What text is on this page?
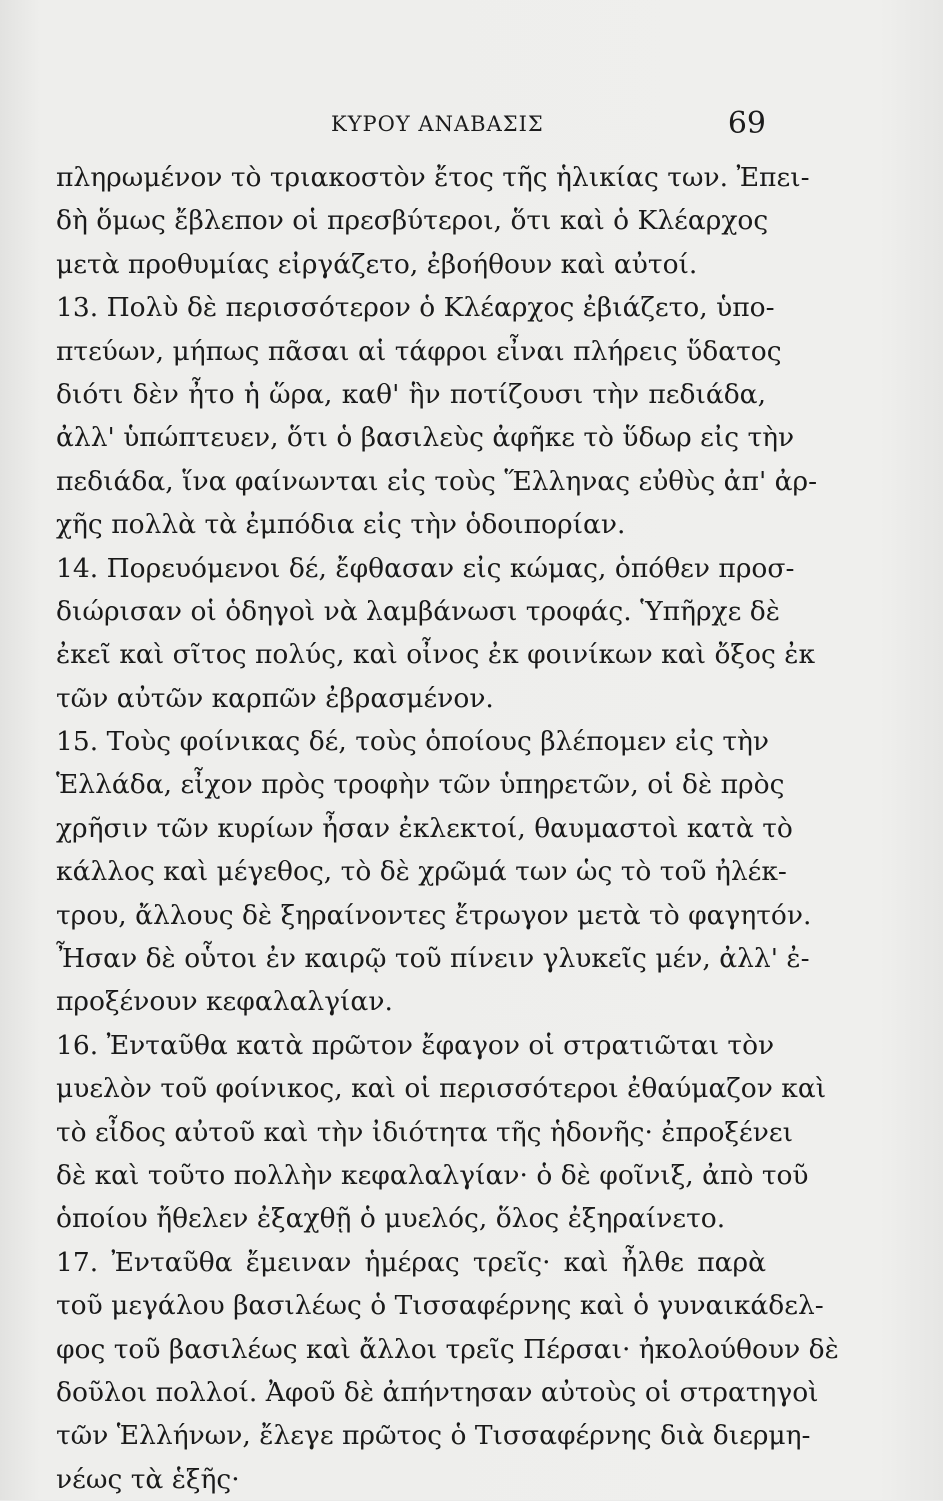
ΚΥΡΟΥ ΑΝΑΒΑΣΙΣ	69
πληρωμένον τὸ τριακοστὸν ἔτος τῆς ἡλικίας των. Ἐπει-
δὴ ὅμως ἔβλεπον οἱ πρεσβύτεροι, ὅτι καὶ ὁ Κλέαρχος
μετὰ προθυμίας εἰργάζετο, ἐβοήθουν καὶ αὐτοί.
13. Πολὺ δὲ περισσότερον ὁ Κλέαρχος ἐβιάζετο, ὑπο-
πτεύων, μήπως πᾶσαι αἱ τάφροι εἶναι πλήρεις ὕδατος
διότι δὲν ἦτο ἡ ὥρα, καθ' ἣν ποτίζουσι τὴν πεδιάδα,
ἀλλ' ὑπώπτευεν, ὅτι ὁ βασιλεὺς ἀφῆκε τὸ ὕδωρ εἰς τὴν
πεδιάδα, ἵνα φαίνωνται εἰς τοὺς Ἕλληνας εὐθὺς ἀπ' ἀρ-
χῆς πολλὰ τὰ ἐμπόδια εἰς τὴν ὁδοιπορίαν.
14. Πορευόμενοι δέ, ἔφθασαν εἰς κώμας, ὁπόθεν προσ-
διώρισαν οἱ ὁδηγοὶ νὰ λαμβάνωσι τροφάς. Ὑπῆρχε δὲ
ἐκεῖ καὶ σῖτος πολύς, καὶ οἶνος ἐκ φοινίκων καὶ ὄξος ἐκ
τῶν αὐτῶν καρπῶν ἐβρασμένον.
15. Τοὺς φοίνικας δέ, τοὺς ὁποίους βλέπομεν εἰς τὴν
Ἑλλάδα, εἶχον πρὸς τροφὴν τῶν ὑπηρετῶν, οἱ δὲ πρὸς
χρῆσιν τῶν κυρίων ἦσαν ἐκλεκτοί, θαυμαστοὶ κατὰ τὸ
κάλλος καὶ μέγεθος, τὸ δὲ χρῶμά των ὡς τὸ τοῦ ἠλέκ-
τρου, ἄλλους δὲ ξηραίνοντες ἔτρωγον μετὰ τὸ φαγητόν.
Ἦσαν δὲ οὗτοι ἐν καιρῷ τοῦ πίνειν γλυκεῖς μέν, ἀλλ' ἐ-
προξένουν κεφαλαλγίαν.
16. Ἐνταῦθα κατὰ πρῶτον ἔφαγον οἱ στρατιῶται τὸν
μυελὸν τοῦ φοίνικος, καὶ οἱ περισσότεροι ἐθαύμαζον καὶ
τὸ εἶδος αὐτοῦ καὶ τὴν ἰδιότητα τῆς ἡδονῆς· ἐπροξένει
δὲ καὶ τοῦτο πολλὴν κεφαλαλγίαν· ὁ δὲ φοῖνιξ, ἀπὸ τοῦ
ὁποίου ἤθελεν ἐξαχθῇ ὁ μυελός, ὅλος ἐξηραίνετο.
17. Ἐνταῦθα ἔμειναν ἡμέρας τρεῖς· καὶ ἦλθε παρὰ
τοῦ μεγάλου βασιλέως ὁ Τισσαφέρνης καὶ ὁ γυναικάδελ-
φος τοῦ βασιλέως καὶ ἄλλοι τρεῖς Πέρσαι· ἠκολούθουν δὲ
δοῦλοι πολλοί. Ἀφοῦ δὲ ἀπήντησαν αὐτοὺς οἱ στρατηγοὶ
τῶν Ἑλλήνων, ἔλεγε πρῶτος ὁ Τισσαφέρνης διὰ διερμη-
νέως τὰ ἑξῆς·
